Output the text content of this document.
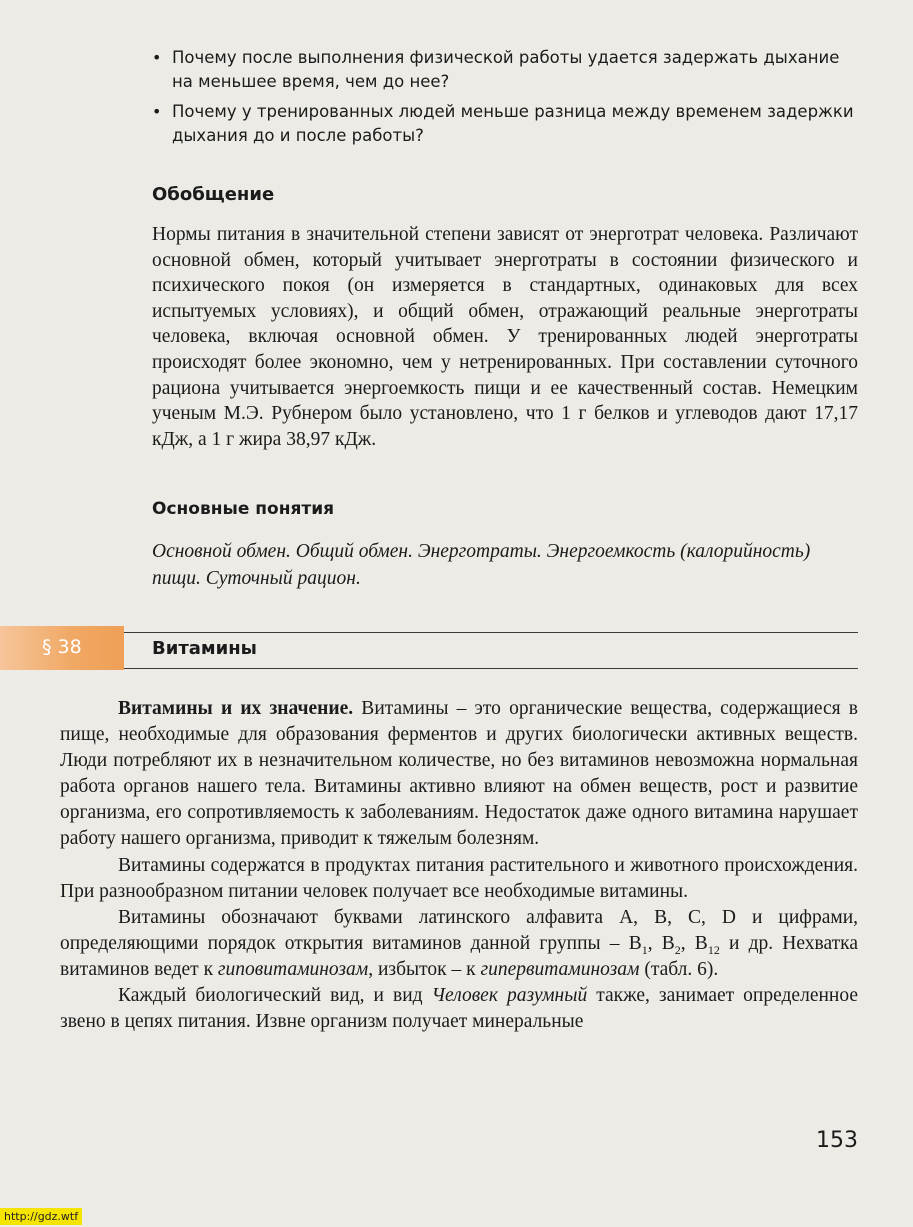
• Почему после выполнения физической работы удается задержать дыхание на меньшее время, чем до нее?

• Почему у тренированных людей меньше разница между временем задержки дыхания до и после работы?

Обобщение

Нормы питания в значительной степени зависят от энерготрат человека. Различают основной обмен, который учитывает энерготраты в состоянии физического и психического покоя (он измеряется в стандартных, одинаковых для всех испытуемых условиях), и общий обмен, отражающий реальные энерготраты человека, включая основной обмен. У тренированных людей энерготраты происходят более экономно, чем у нетренированных. При составлении суточного рациона учитывается энергоемкость пищи и ее качественный состав. Немецким ученым М.Э. Рубнером было установлено, что 1 г белков и углеводов дают 17,17 кДж, а 1 г жира 38,97 кДж.

Основные понятия

Основной обмен. Общий обмен. Энерготраты. Энергоемкость (калорийность) пищи. Суточный рацион.

§ 38	Витамины

Витамины и их значение. Витамины – это органические вещества, содержащиеся в пище, необходимые для образования ферментов и других биологически активных веществ. Люди потребляют их в незначительном количестве, но без витаминов невозможна нормальная работа органов нашего тела. Витамины активно влияют на обмен веществ, рост и развитие организма, его сопротивляемость к заболеваниям. Недостаток даже одного витамина нарушает работу нашего организма, приводит к тяжелым болезням.

Витамины содержатся в продуктах питания растительного и животного происхождения. При разнообразном питании человек получает все необходимые витамины.

Витамины обозначают буквами латинского алфавита А, В, С, D и цифрами, определяющими порядок открытия витаминов данной группы – $В_1$, $В_2$, $В_{12}$ и др. Нехватка витаминов ведет к гиповитаминозам, избыток – к гипервитаминозам (табл. 6).

Каждый биологический вид, и вид Человек разумный также, занимает определенное звено в цепях питания. Извне организм получает минеральные

153

http://gdz.wtf
